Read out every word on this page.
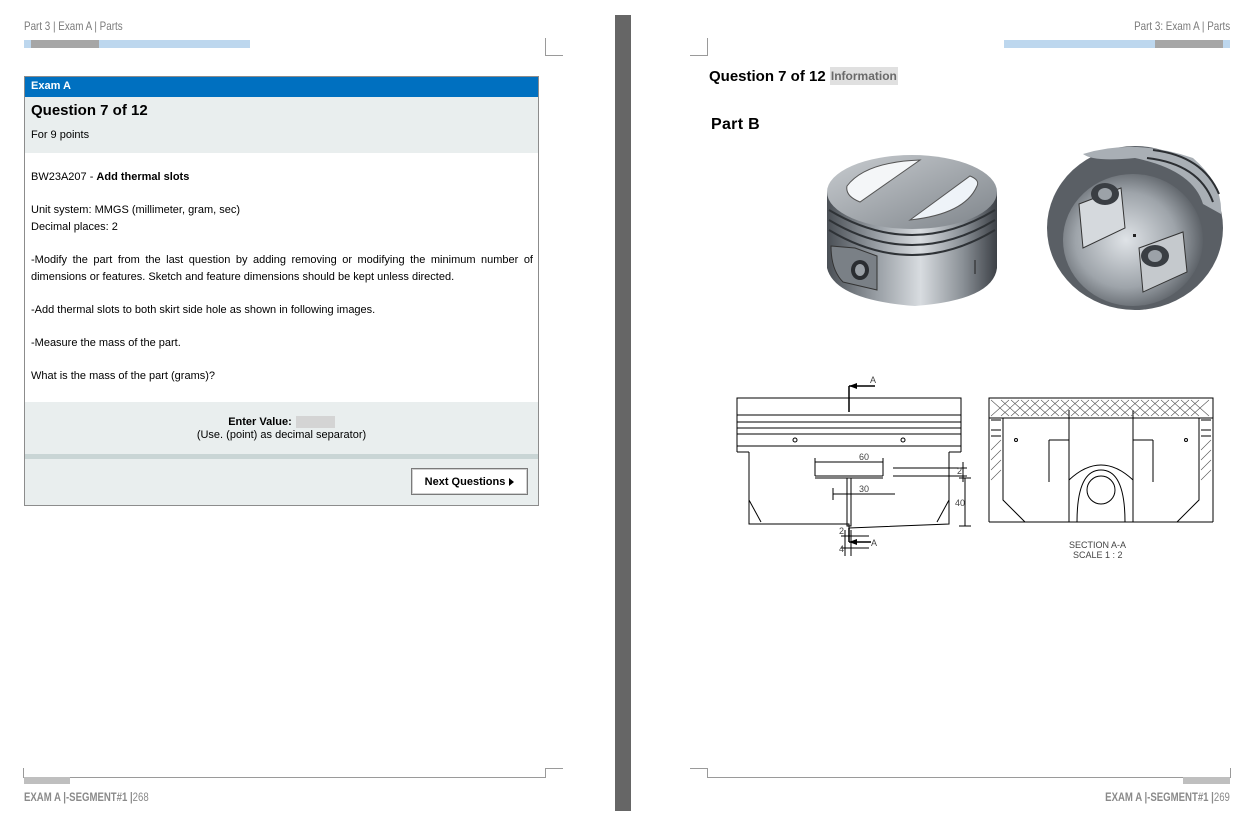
Part 3 | Exam A | Parts
Exam A
Question 7 of 12
For 9 points

BW23A207 - Add thermal slots

Unit system: MMGS (millimeter, gram, sec)
Decimal places: 2

-Modify the part from the last question by adding removing or modifying the minimum number of dimensions or features. Sketch and feature dimensions should be kept unless directed.

-Add thermal slots to both skirt side hole as shown in following images.

-Measure the mass of the part.

What is the mass of the part (grams)?

Enter Value:
(Use. (point) as decimal separator)
Next Questions
EXAM A |-SEGMENT#1 |268
Part 3: Exam A | Parts
Question 7 of 12 Information
Part B
A
A
60
30
2
40
2
4	SECTION A-A
SCALE 1 : 2
EXAM A |-SEGMENT#1 |269
